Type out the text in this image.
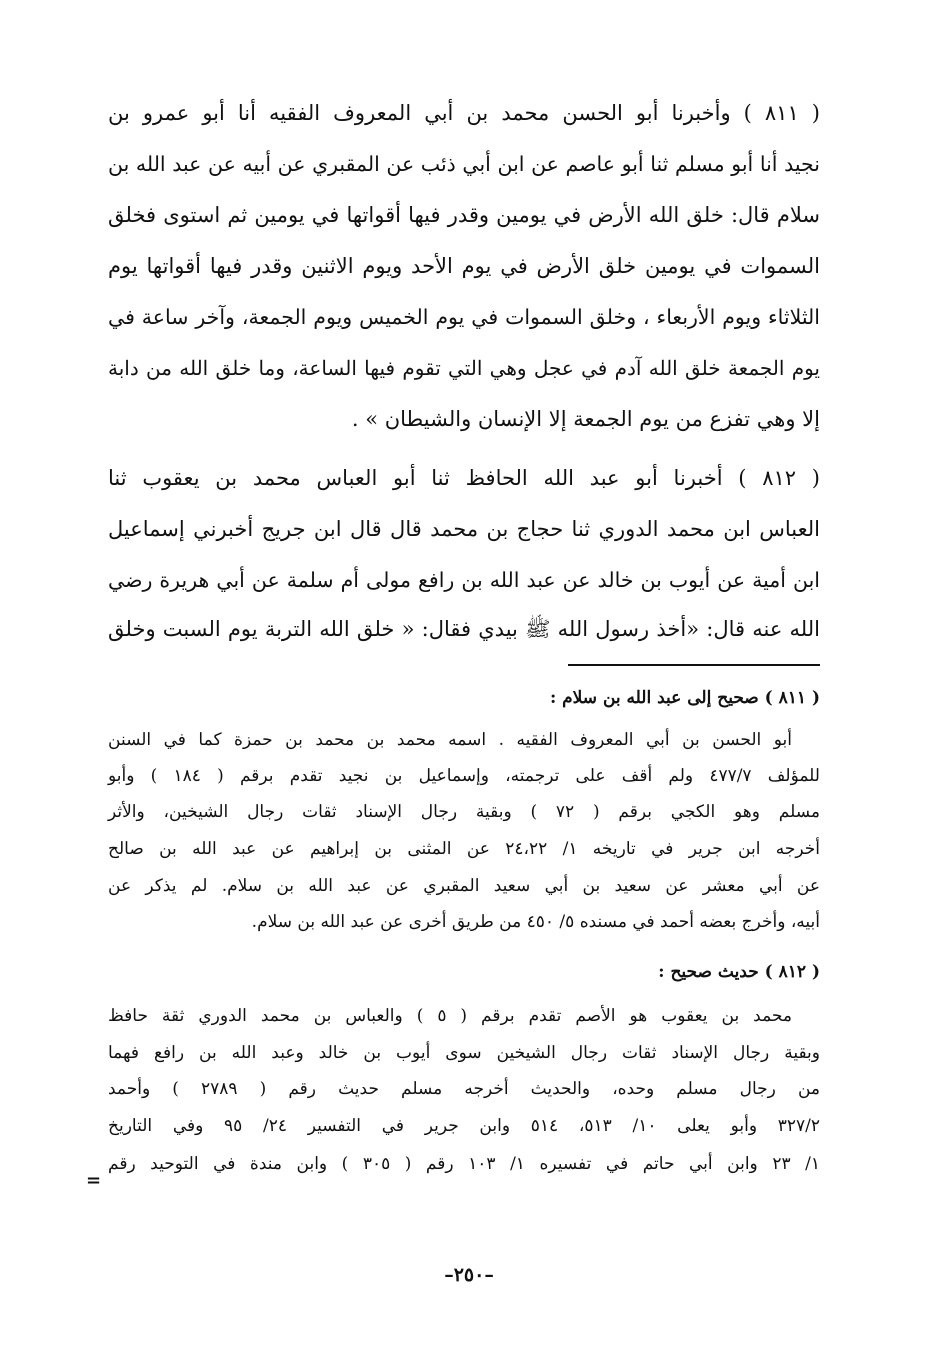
( ٨١١ ) وأخبرنا أبو الحسن محمد بن أبي المعروف الفقيه أنا أبو عمرو بن
نجيد أنا أبو مسلم ثنا أبو عاصم عن ابن أبي ذئب عن المقبري عن أبيه عن عبد الله بن
سلام قال: خلق الله الأرض في يومين وقدر فيها أقواتها في يومين ثم استوى فخلق
السموات في يومين خلق الأرض في يوم الأحد ويوم الاثنين وقدر فيها أقواتها يوم
الثلاثاء ويوم الأربعاء ، وخلق السموات في يوم الخميس ويوم الجمعة، وآخر ساعة في
يوم الجمعة خلق الله آدم في عجل وهي التي تقوم فيها الساعة، وما خلق الله من دابة
إلا وهي تفزع من يوم الجمعة إلا الإنسان والشيطان » .
( ٨١٢ ) أخبرنا أبو عبد الله الحافظ ثنا أبو العباس محمد بن يعقوب ثنا
العباس ابن محمد الدوري ثنا حجاج بن محمد قال قال ابن جريج أخبرني إسماعيل
ابن أمية عن أيوب بن خالد عن عبد الله بن رافع مولى أم سلمة عن أبي هريرة رضي
الله عنه قال: «أخذ رسول الله ﷺ بيدي فقال: « خلق الله التربة يوم السبت وخلق
( ٨١١ ) صحيح إلى عبد الله بن سلام :
أبو الحسن بن أبي المعروف الفقيه . اسمه محمد بن محمد بن حمزة كما في السنن
للمؤلف ٤٧٧/٧ ولم أقف على ترجمته، وإسماعيل بن نجيد تقدم برقم ( ١٨٤ ) وأبو
مسلم وهو الكجي برقم ( ٧٢ ) وبقية رجال الإسناد ثقات رجال الشيخين، والأثر
أخرجه ابن جرير في تاريخه ١/ ٢٤،٢٢ عن المثنى بن إبراهيم عن عبد الله بن صالح
عن أبي معشر عن سعيد بن أبي سعيد المقبري عن عبد الله بن سلام. لم يذكر عن
أبيه، وأخرج بعضه أحمد في مسنده ٥/ ٤٥٠ من طريق أخرى عن عبد الله بن سلام.
( ٨١٢ ) حديث صحيح :
محمد بن يعقوب هو الأصم تقدم برقم ( ٥ ) والعباس بن محمد الدوري ثقة حافظ
وبقية رجال الإسناد ثقات رجال الشيخين سوى أيوب بن خالد وعبد الله بن رافع فهما
من رجال مسلم وحده، والحديث أخرجه مسلم حديث رقم ( ٢٧٨٩ ) وأحمد
٣٢٧/٢ وأبو يعلى ١٠/ ٥١٣، ٥١٤ وابن جرير في التفسير ٢٤/ ٩٥ وفي التاريخ
١/ ٢٣ وابن أبي حاتم في تفسيره ١/ ١٠٣ رقم ( ٣٠٥ ) وابن مندة في التوحيد رقم
=
–٢٥٠–
